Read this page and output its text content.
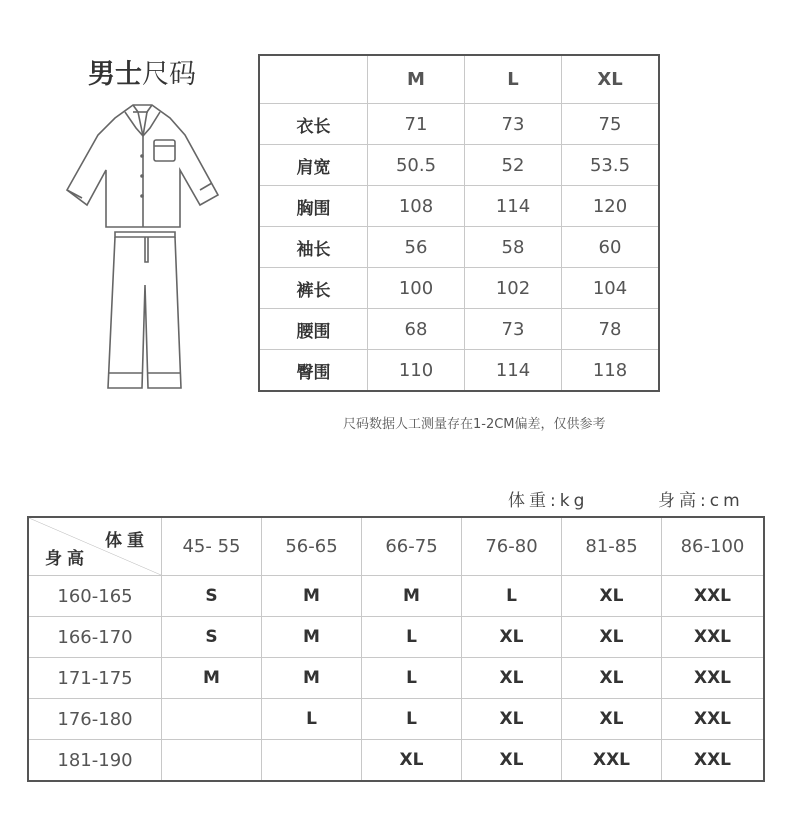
男士尺码
		M	L	XL
衣长	71	73	75
肩宽	50.5	52	53.5
胸围	108	114	120
袖长	56	58	60
裤长	100	102	104
腰围	68	73	78
臀围	110	114	118
尺码数据人工测量存在1-2CM偏差，仅供参考
体重:kg	身高:cm
体重
身高	45- 55	56-65	66-75	76-80	81-85	86-100
160-165	S	M	M	L	XL	XXL
166-170	S	M	L	XL	XL	XXL
171-175	M	M	L	XL	XL	XXL
176-180		L	L	XL	XL	XXL
181-190			XL	XL	XXL	XXL
